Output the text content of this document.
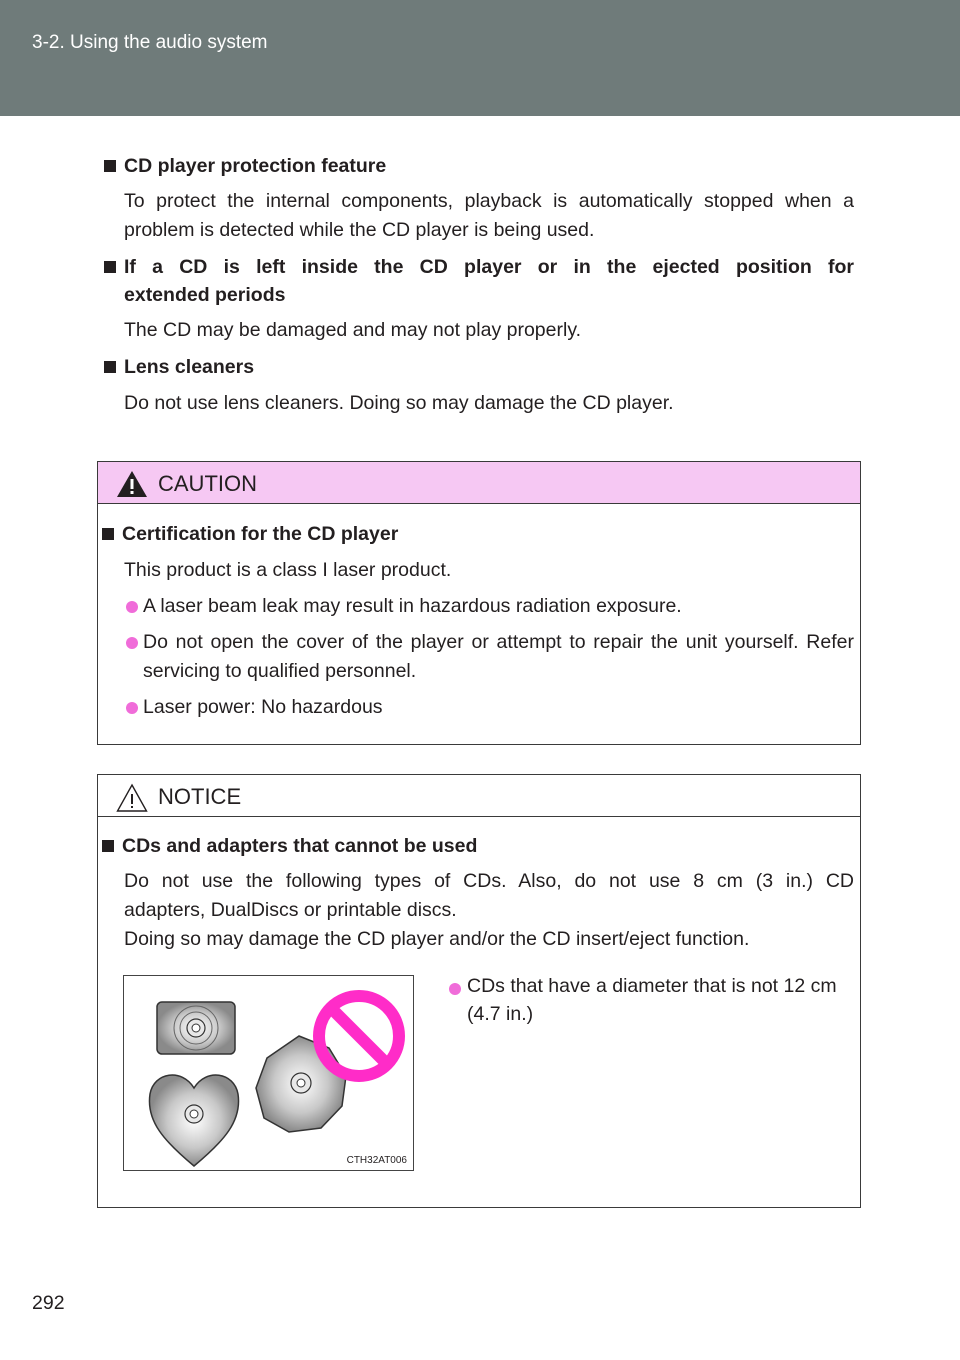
3-2. Using the audio system
CD player protection feature
To protect the internal components, playback is automatically stopped when a problem is detected while the CD player is being used.
If a CD is left inside the CD player or in the ejected position for
extended periods
The CD may be damaged and may not play properly.
Lens cleaners
Do not use lens cleaners. Doing so may damage the CD player.
CAUTION
Certification for the CD player
This product is a class I laser product.
A laser beam leak may result in hazardous radiation exposure.
Do not open the cover of the player or attempt to repair the unit yourself. Refer servicing to qualified personnel.
Laser power: No hazardous
NOTICE
CDs and adapters that cannot be used
Do not use the following types of CDs. Also, do not use 8 cm (3 in.) CD
adapters, DualDiscs or printable discs.
Doing so may damage the CD player and/or the CD insert/eject function.
CTH32AT006
CDs that have a diameter that is not 12 cm (4.7 in.)
292
